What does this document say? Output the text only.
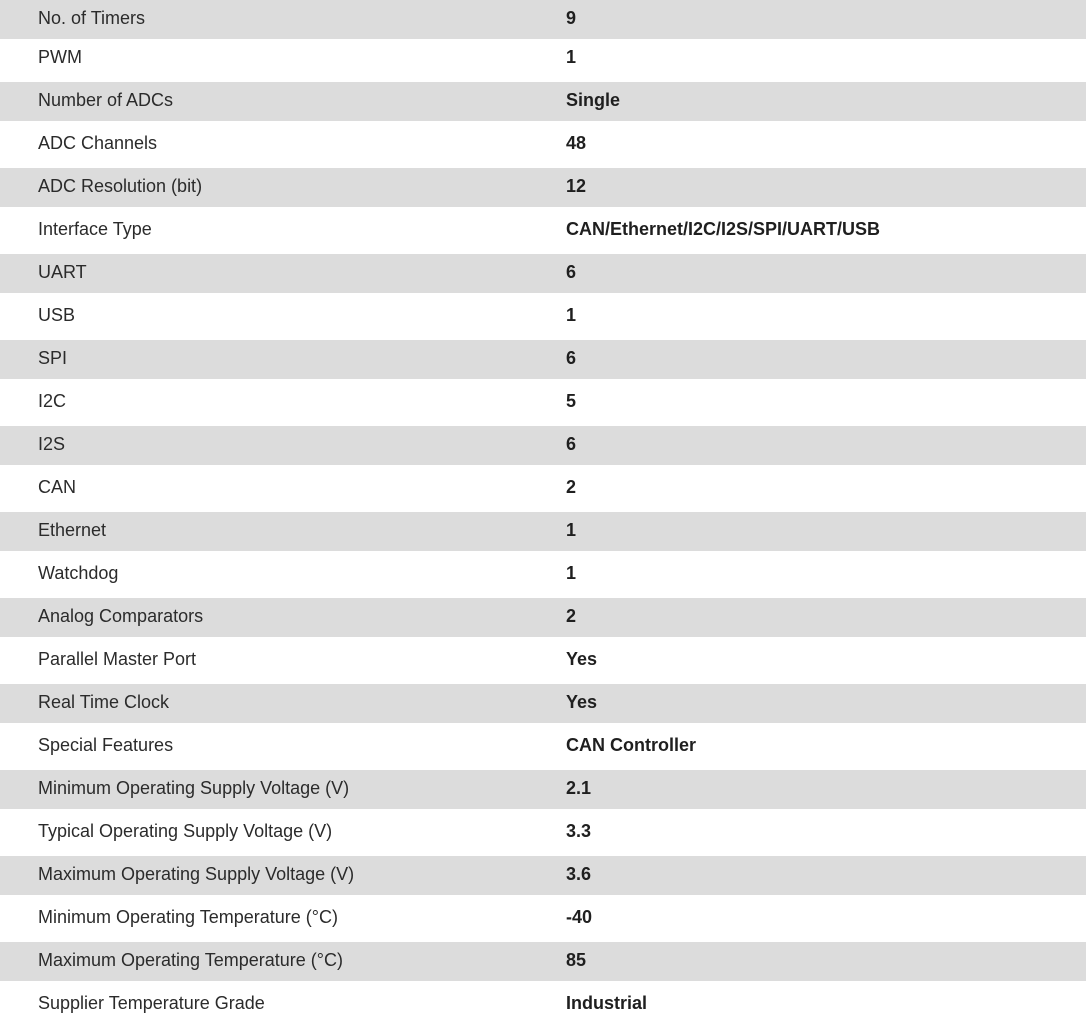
No. of Timers	9
PWM	1
Number of ADCs	Single
ADC Channels	48
ADC Resolution (bit)	12
Interface Type	CAN/Ethernet/I2C/I2S/SPI/UART/USB
UART	6
USB	1
SPI	6
I2C	5
I2S	6
CAN	2
Ethernet	1
Watchdog	1
Analog Comparators	2
Parallel Master Port	Yes
Real Time Clock	Yes
Special Features	CAN Controller
Minimum Operating Supply Voltage (V)	2.1
Typical Operating Supply Voltage (V)	3.3
Maximum Operating Supply Voltage (V)	3.6
Minimum Operating Temperature (°C)	-40
Maximum Operating Temperature (°C)	85
Supplier Temperature Grade	Industrial
